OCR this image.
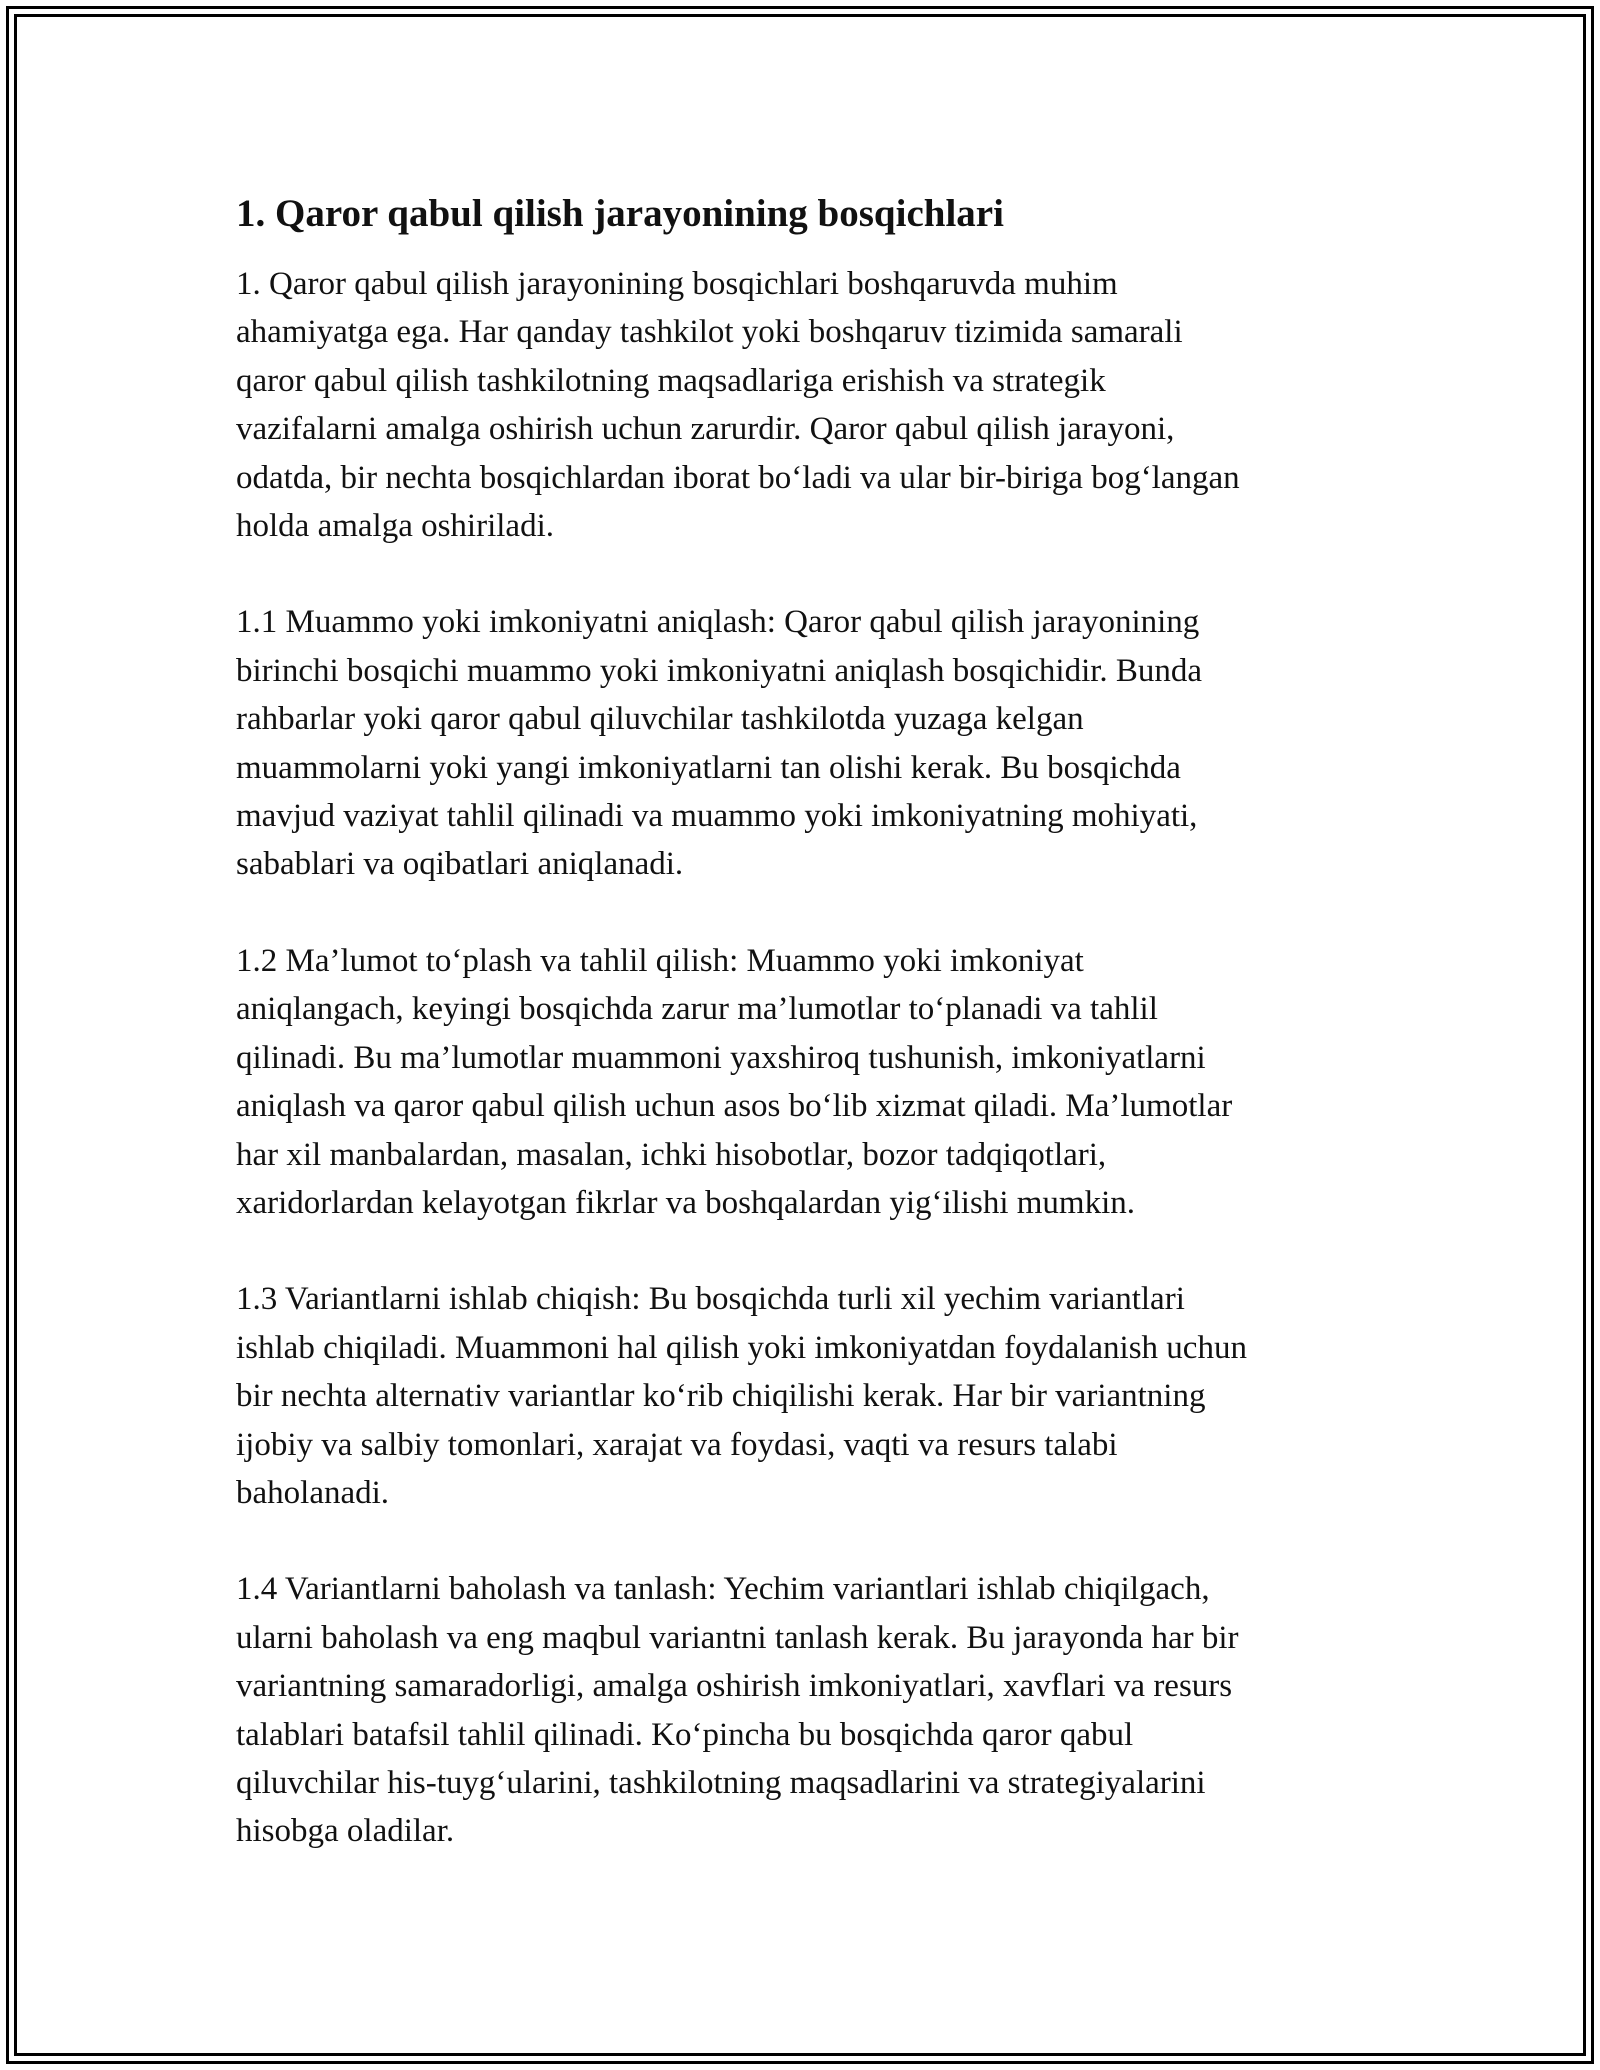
1. Qaror qabul qilish jarayonining bosqichlari

1. Qaror qabul qilish jarayonining bosqichlari boshqaruvda muhim
ahamiyatga ega. Har qanday tashkilot yoki boshqaruv tizimida samarali
qaror qabul qilish tashkilotning maqsadlariga erishish va strategik
vazifalarni amalga oshirish uchun zarurdir. Qaror qabul qilish jarayoni,
odatda, bir nechta bosqichlardan iborat bo‘ladi va ular bir-biriga bog‘langan
holda amalga oshiriladi.

1.1 Muammo yoki imkoniyatni aniqlash: Qaror qabul qilish jarayonining
birinchi bosqichi muammo yoki imkoniyatni aniqlash bosqichidir. Bunda
rahbarlar yoki qaror qabul qiluvchilar tashkilotda yuzaga kelgan
muammolarni yoki yangi imkoniyatlarni tan olishi kerak. Bu bosqichda
mavjud vaziyat tahlil qilinadi va muammo yoki imkoniyatning mohiyati,
sabablari va oqibatlari aniqlanadi.

1.2 Ma’lumot to‘plash va tahlil qilish: Muammo yoki imkoniyat
aniqlangach, keyingi bosqichda zarur ma’lumotlar to‘planadi va tahlil
qilinadi. Bu ma’lumotlar muammoni yaxshiroq tushunish, imkoniyatlarni
aniqlash va qaror qabul qilish uchun asos bo‘lib xizmat qiladi. Ma’lumotlar
har xil manbalardan, masalan, ichki hisobotlar, bozor tadqiqotlari,
xaridorlardan kelayotgan fikrlar va boshqalardan yig‘ilishi mumkin.

1.3 Variantlarni ishlab chiqish: Bu bosqichda turli xil yechim variantlari
ishlab chiqiladi. Muammoni hal qilish yoki imkoniyatdan foydalanish uchun
bir nechta alternativ variantlar ko‘rib chiqilishi kerak. Har bir variantning
ijobiy va salbiy tomonlari, xarajat va foydasi, vaqti va resurs talabi
baholanadi.

1.4 Variantlarni baholash va tanlash: Yechim variantlari ishlab chiqilgach,
ularni baholash va eng maqbul variantni tanlash kerak. Bu jarayonda har bir
variantning samaradorligi, amalga oshirish imkoniyatlari, xavflari va resurs
talablari batafsil tahlil qilinadi. Ko‘pincha bu bosqichda qaror qabul
qiluvchilar his-tuyg‘ularini, tashkilotning maqsadlarini va strategiyalarini
hisobga oladilar.
